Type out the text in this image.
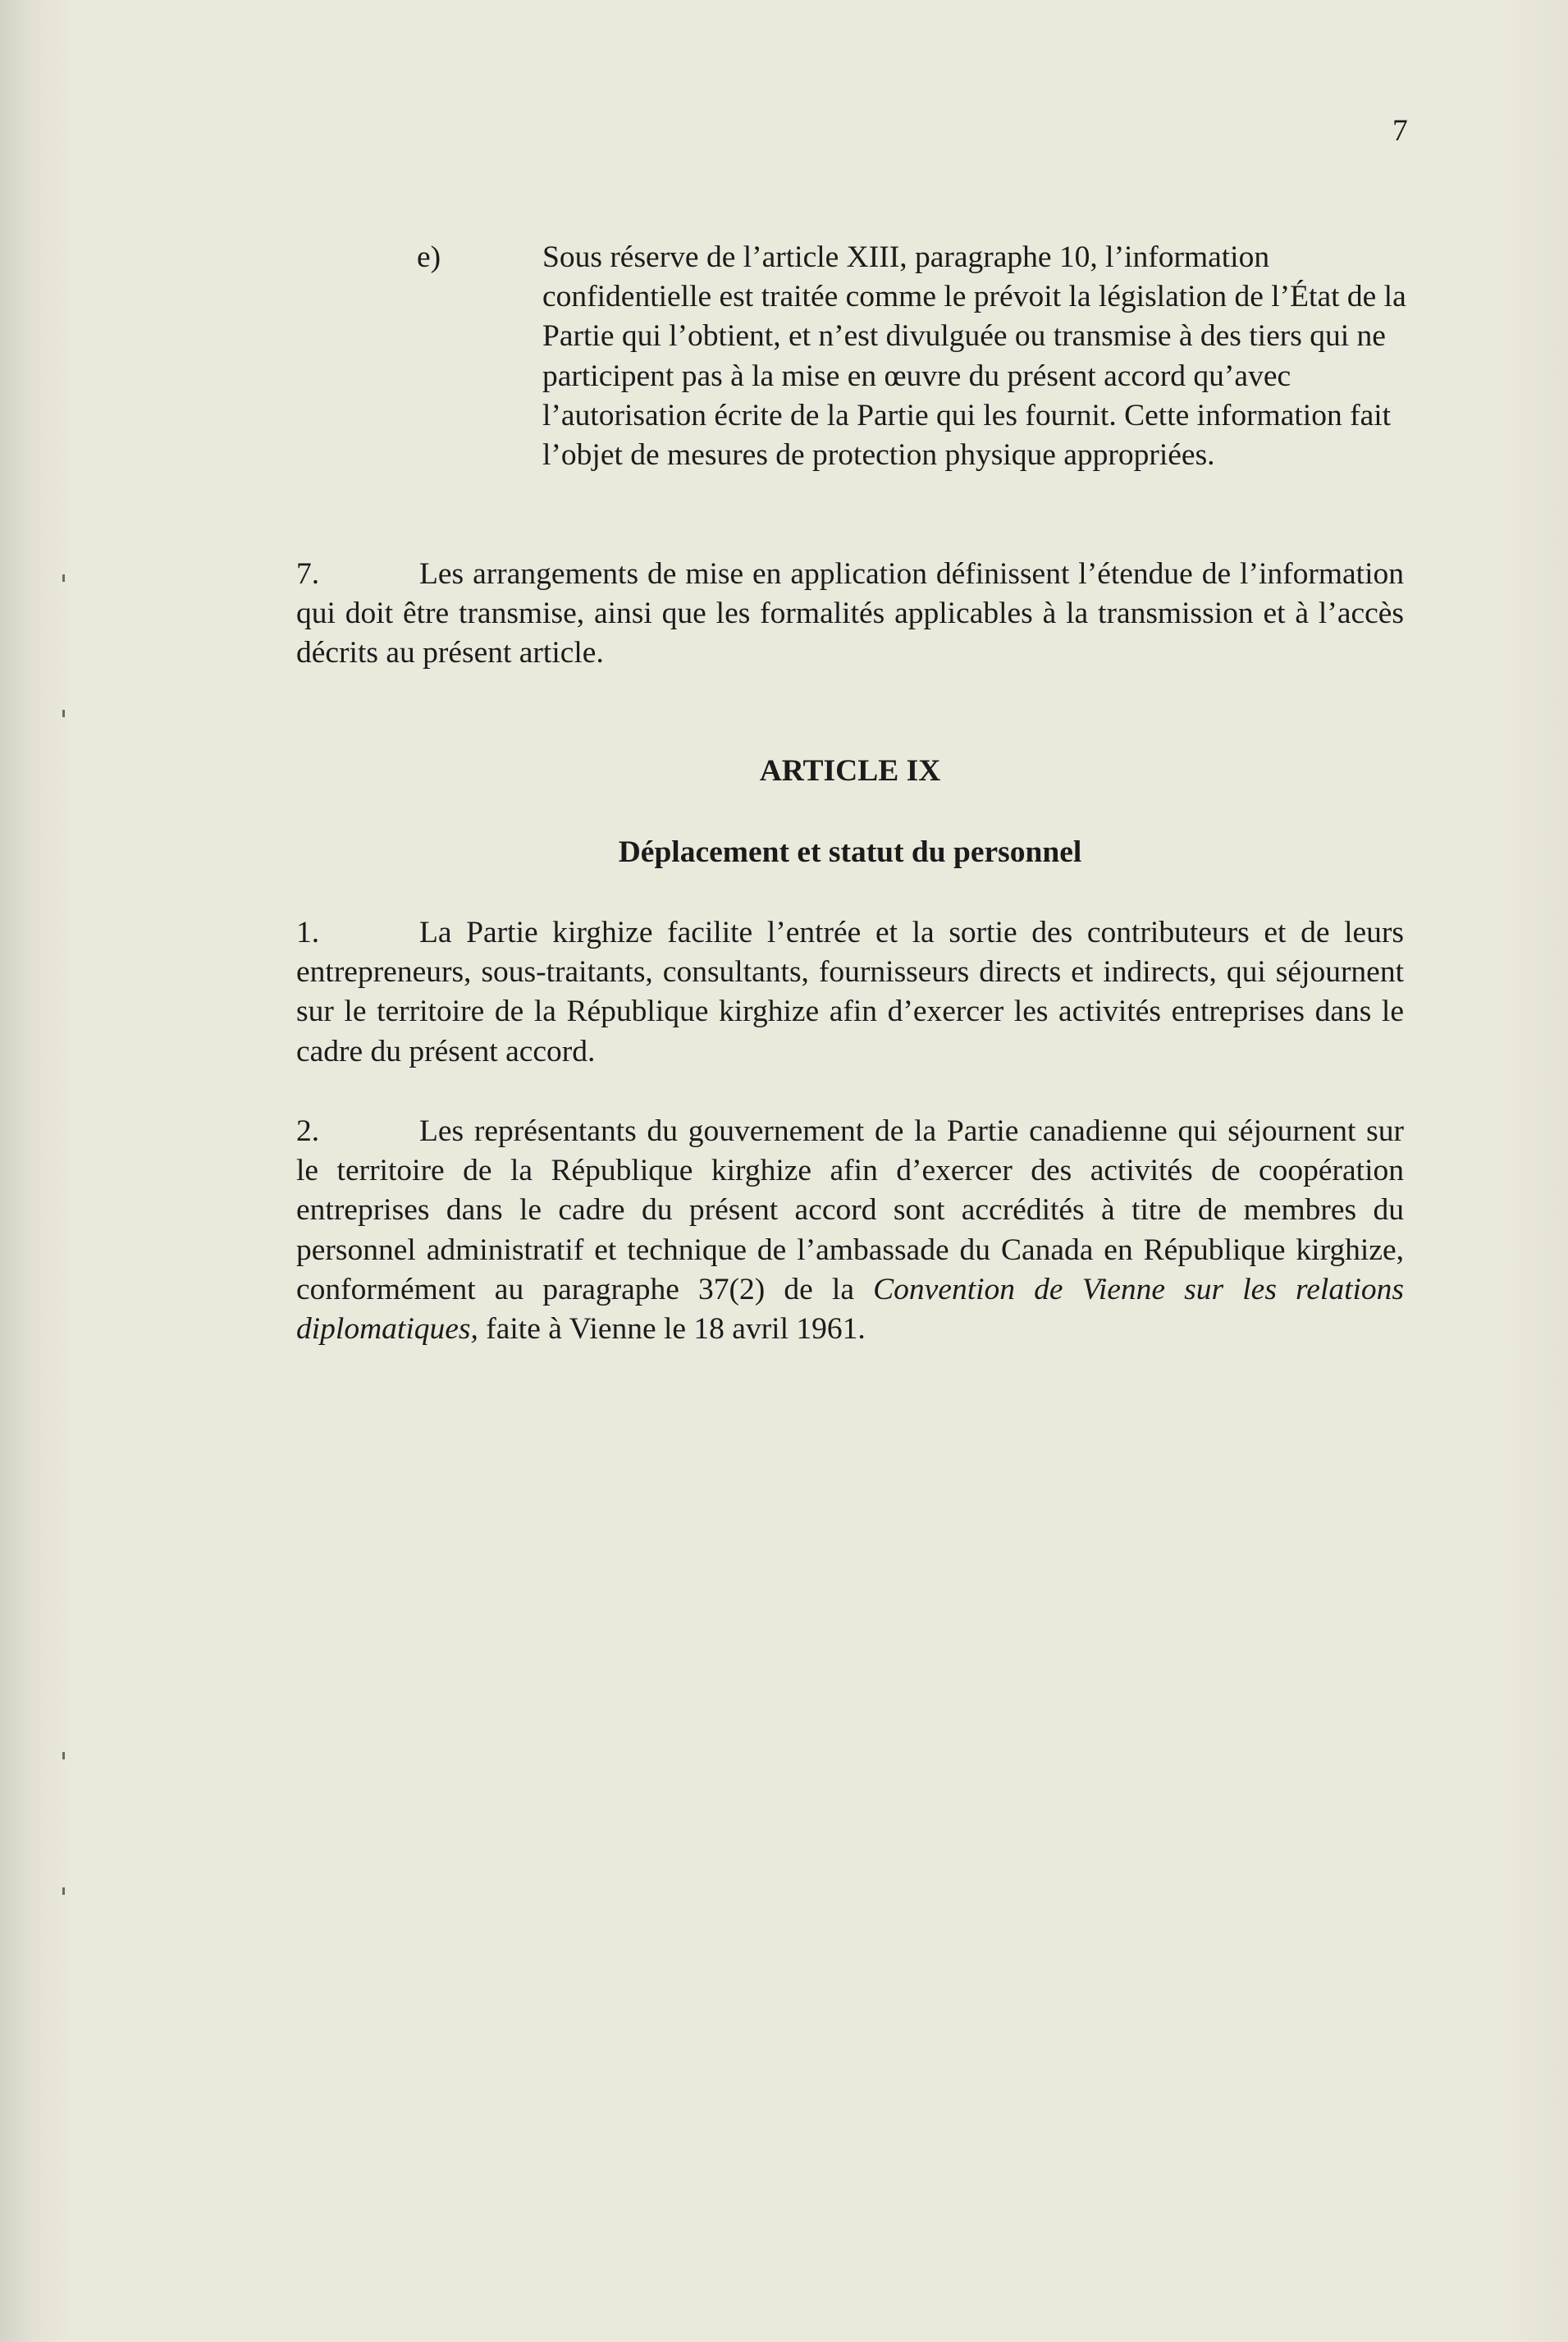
7
e)	Sous réserve de l’article XIII, paragraphe 10, l’information confidentielle est traitée comme le prévoit la législation de l’État de la Partie qui l’obtient, et n’est divulguée ou transmise à des tiers qui ne participent pas à la mise en œuvre du présent accord qu’avec l’autorisation écrite de la Partie qui les fournit. Cette information fait l’objet de mesures de protection physique appropriées.
7.	Les arrangements de mise en application définissent l’étendue de l’information qui doit être transmise, ainsi que les formalités applicables à la transmission et à l’accès décrits au présent article.
ARTICLE IX
Déplacement et statut du personnel
1.	La Partie kirghize facilite l’entrée et la sortie des contributeurs et de leurs entrepreneurs, sous-traitants, consultants, fournisseurs directs et indirects, qui séjournent sur le territoire de la République kirghize afin d’exercer les activités entreprises dans le cadre du présent accord.
2.	Les représentants du gouvernement de la Partie canadienne qui séjournent sur le territoire de la République kirghize afin d’exercer des activités de coopération entreprises dans le cadre du présent accord sont accrédités à titre de membres du personnel administratif et technique de l’ambassade du Canada en République kirghize, conformément au paragraphe 37(2) de la Convention de Vienne sur les relations diplomatiques, faite à Vienne le 18 avril 1961.
